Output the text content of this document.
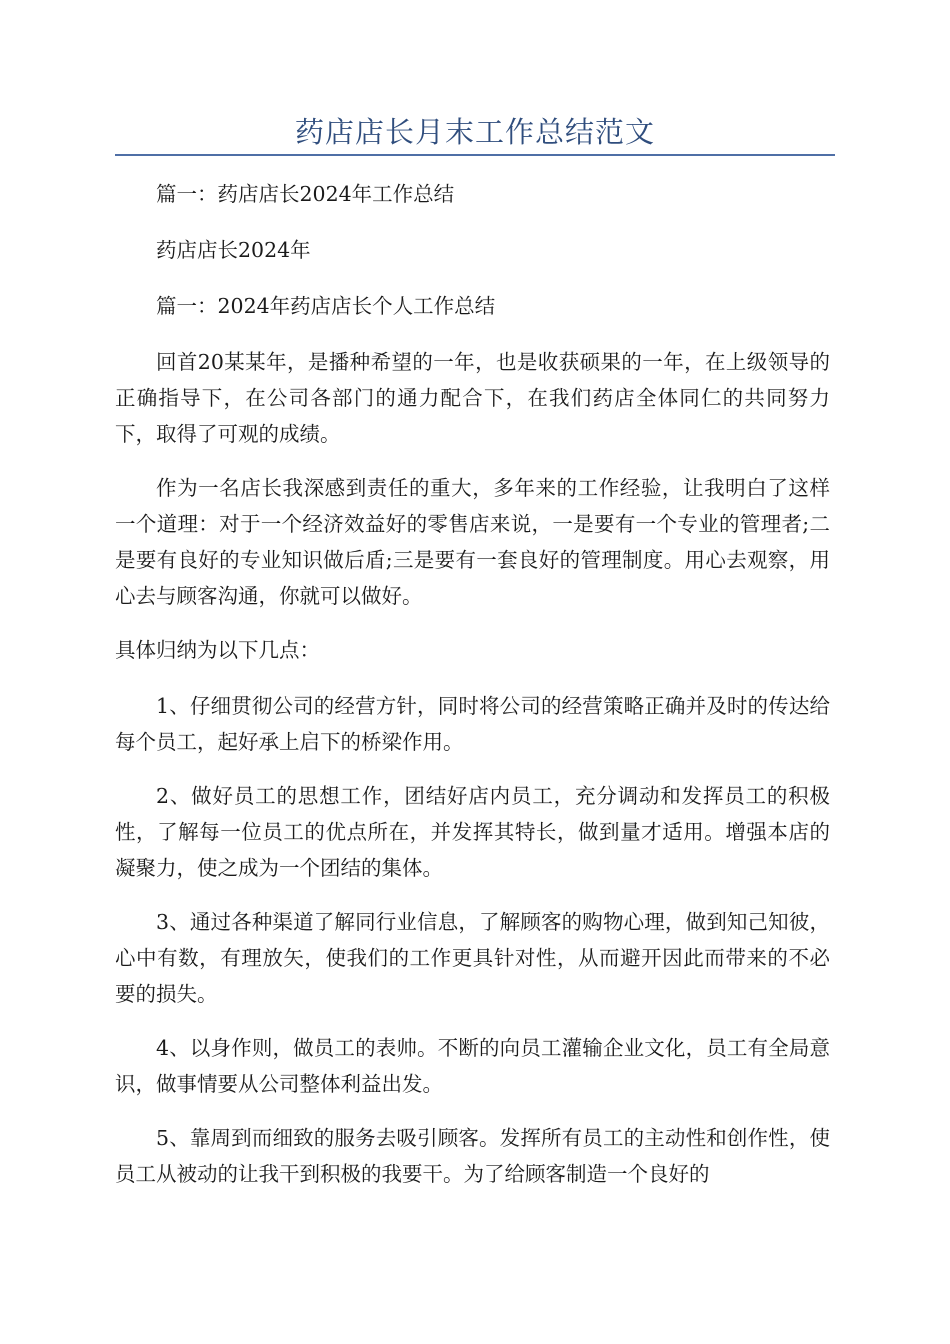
药店店长月末工作总结范文

篇一：药店店长2024年工作总结

药店店长2024年

篇一：2024年药店店长个人工作总结

回首20某某年，是播种希望的一年，也是收获硕果的一年，在上级领导的正确指导下，在公司各部门的通力配合下，在我们药店全体同仁的共同努力下，取得了可观的成绩。

作为一名店长我深感到责任的重大，多年来的工作经验，让我明白了这样一个道理：对于一个经济效益好的零售店来说，一是要有一个专业的管理者;二是要有良好的专业知识做后盾;三是要有一套良好的管理制度。用心去观察，用心去与顾客沟通，你就可以做好。

具体归纳为以下几点：

1、仔细贯彻公司的经营方针，同时将公司的经营策略正确并及时的传达给每个员工，起好承上启下的桥梁作用。

2、做好员工的思想工作，团结好店内员工，充分调动和发挥员工的积极性，了解每一位员工的优点所在，并发挥其特长，做到量才适用。增强本店的凝聚力，使之成为一个团结的集体。

3、通过各种渠道了解同行业信息，了解顾客的购物心理，做到知己知彼，心中有数，有理放矢，使我们的工作更具针对性，从而避开因此而带来的不必要的损失。

4、以身作则，做员工的表帅。不断的向员工灌输企业文化，员工有全局意识，做事情要从公司整体利益出发。

5、靠周到而细致的服务去吸引顾客。发挥所有员工的主动性和创作性，使员工从被动的让我干到积极的我要干。为了给顾客制造一个良好的
